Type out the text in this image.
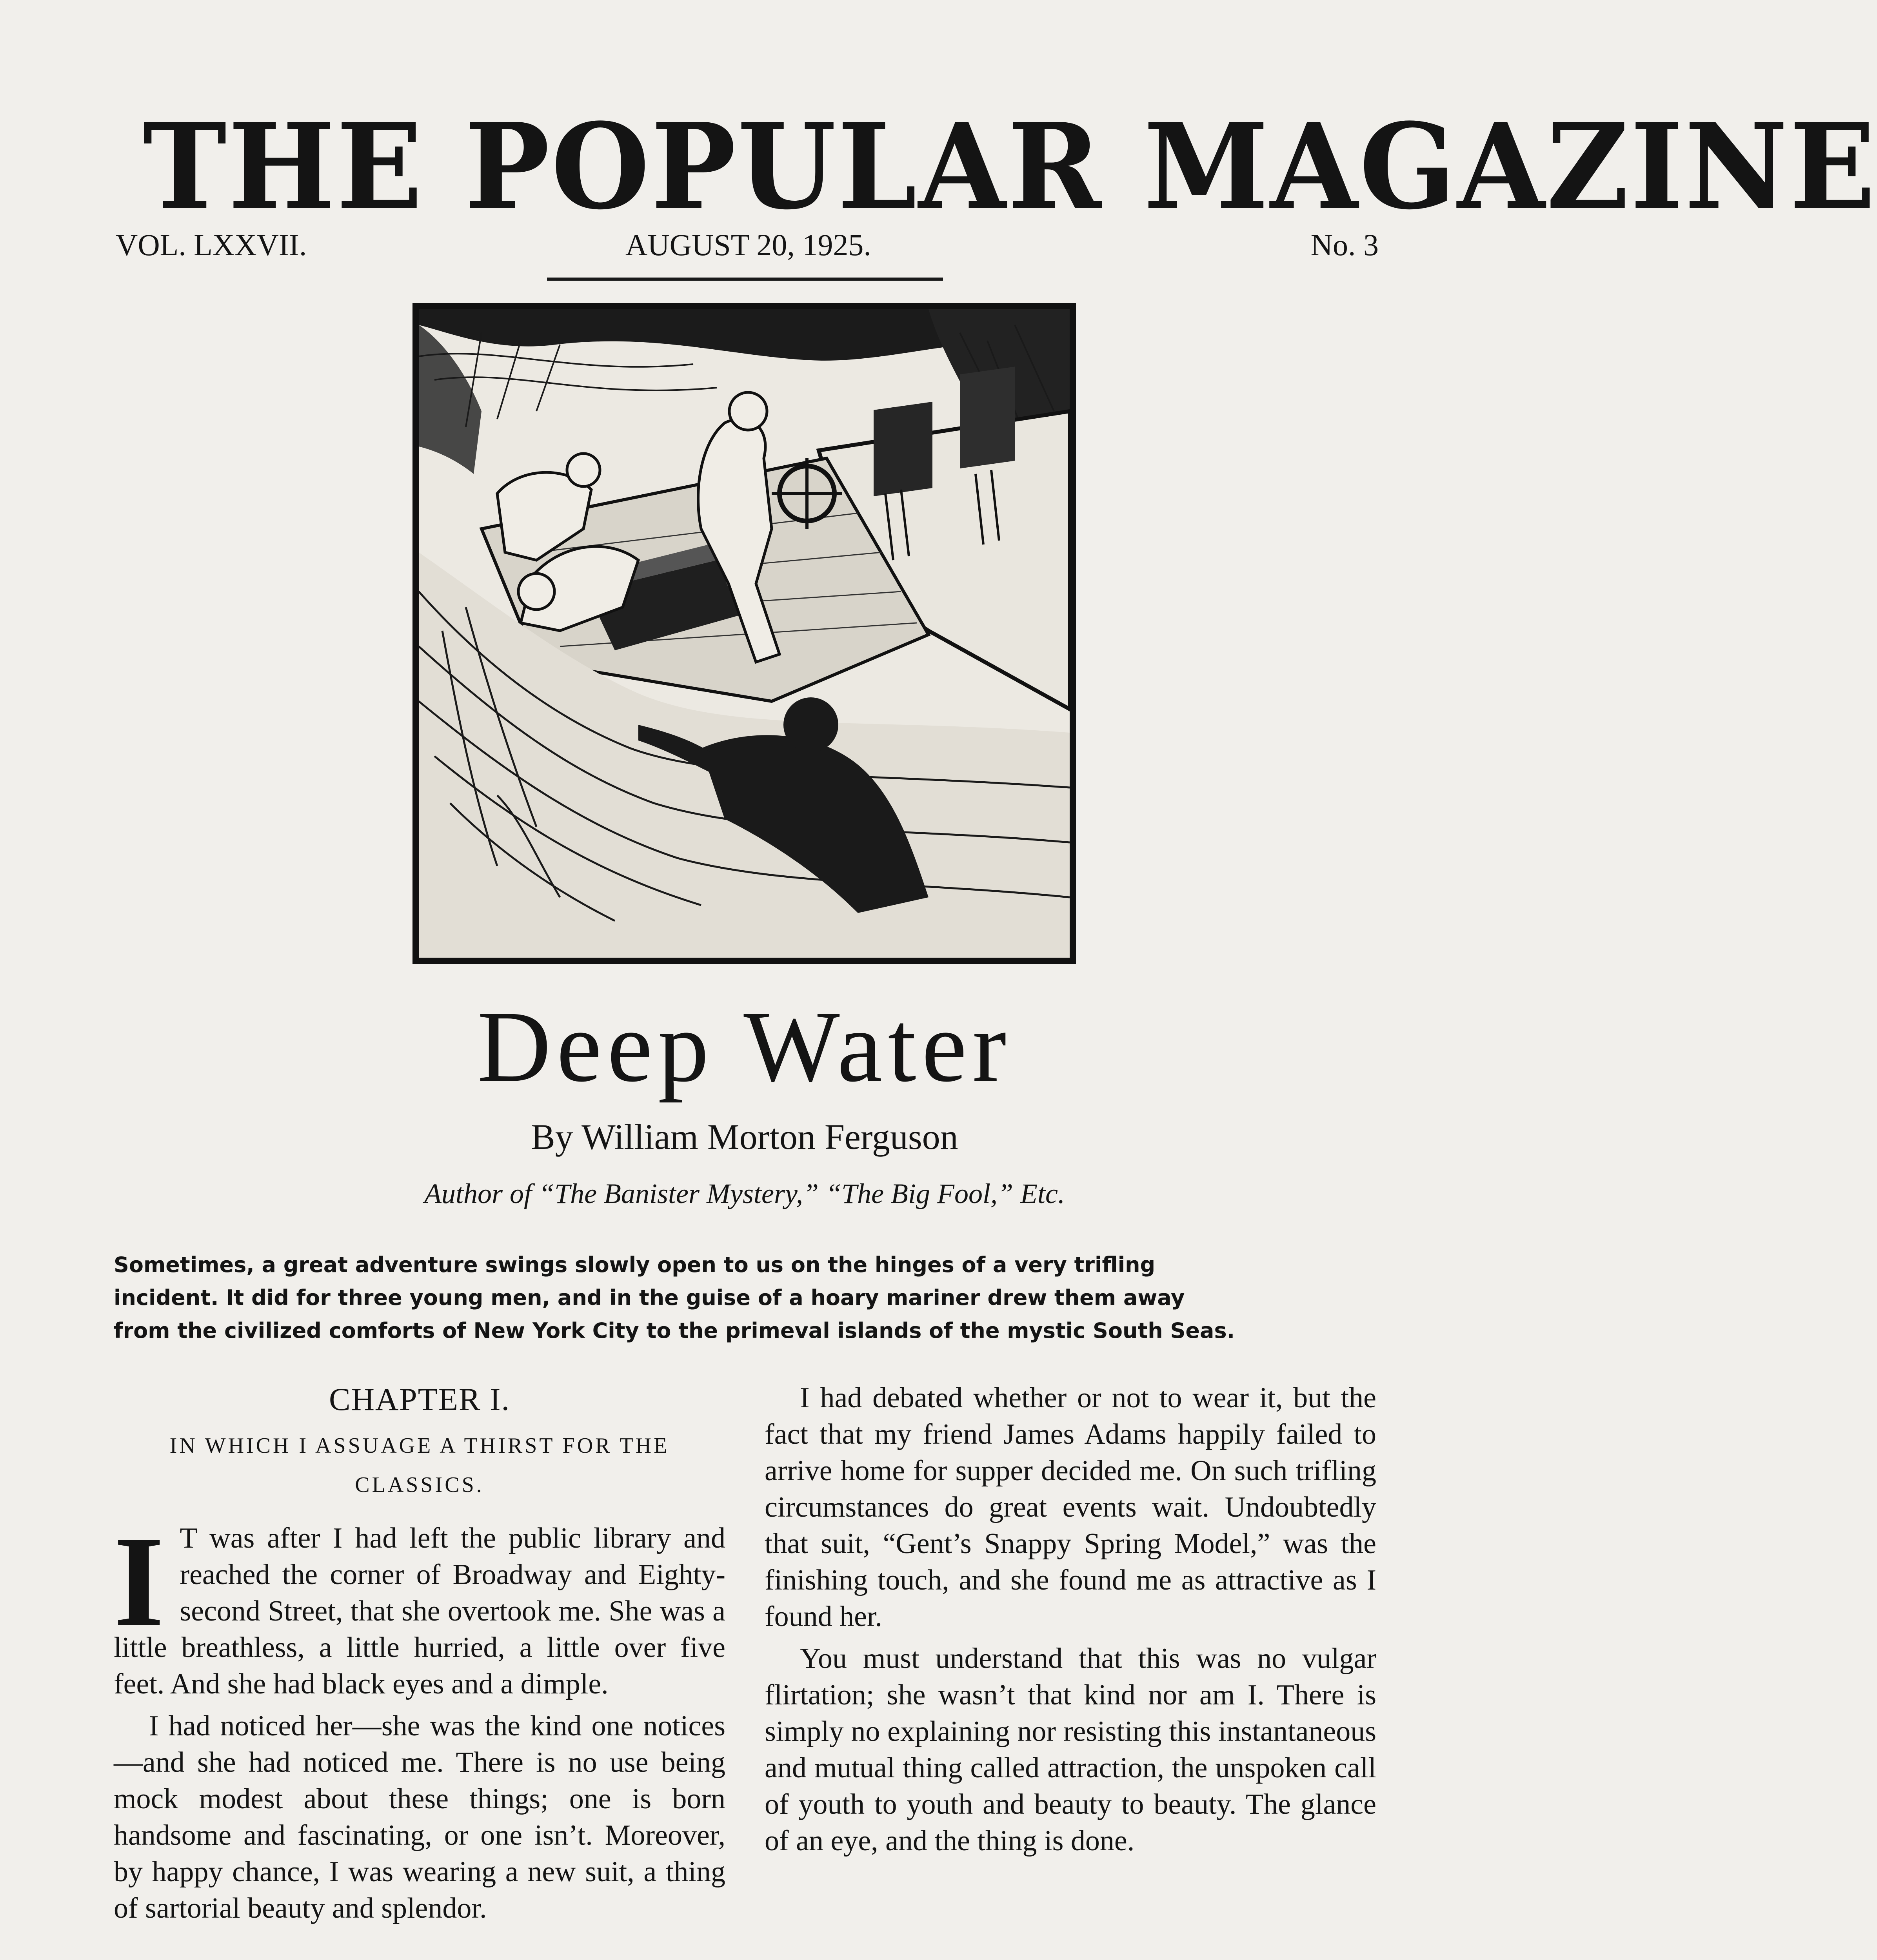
THE POPULAR MAGAZINE
VOL. LXXVII.	AUGUST 20, 1925.	No. 3
Deep Water
By William Morton Ferguson
Author of “The Banister Mystery,” “The Big Fool,” Etc.
Sometimes, a great adventure swings slowly open to us on the hinges of a very trifling
incident. It did for three young men, and in the guise of a hoary mariner drew them away
from the civilized comforts of New York City to the primeval islands of the mystic South Seas.
CHAPTER I.
IN WHICH I ASSUAGE A THIRST FOR THE
CLASSICS.

I T was after I had left the public library and reached the corner of Broadway and Eighty-second Street, that she overtook me. She was a little breathless, a little hurried, a little over five feet. And she had black eyes and a dimple.

I had noticed her—she was the kind one notices—and she had noticed me. There is no use being mock modest about these things; one is born handsome and fascinating, or one isn’t. Moreover, by happy chance, I was wearing a new suit, a thing of sartorial beauty and splendor.

I had debated whether or not to wear it, but the fact that my friend James Adams happily failed to arrive home for supper decided me. On such trifling circumstances do great events wait. Undoubtedly that suit, “Gent’s Snappy Spring Model,” was the finishing touch, and she found me as attractive as I found her.

You must understand that this was no vulgar flirtation; she wasn’t that kind nor am I. There is simply no explaining nor resisting this instantaneous and mutual thing called attraction, the unspoken call of youth to youth and beauty to beauty. The glance of an eye, and the thing is done.
